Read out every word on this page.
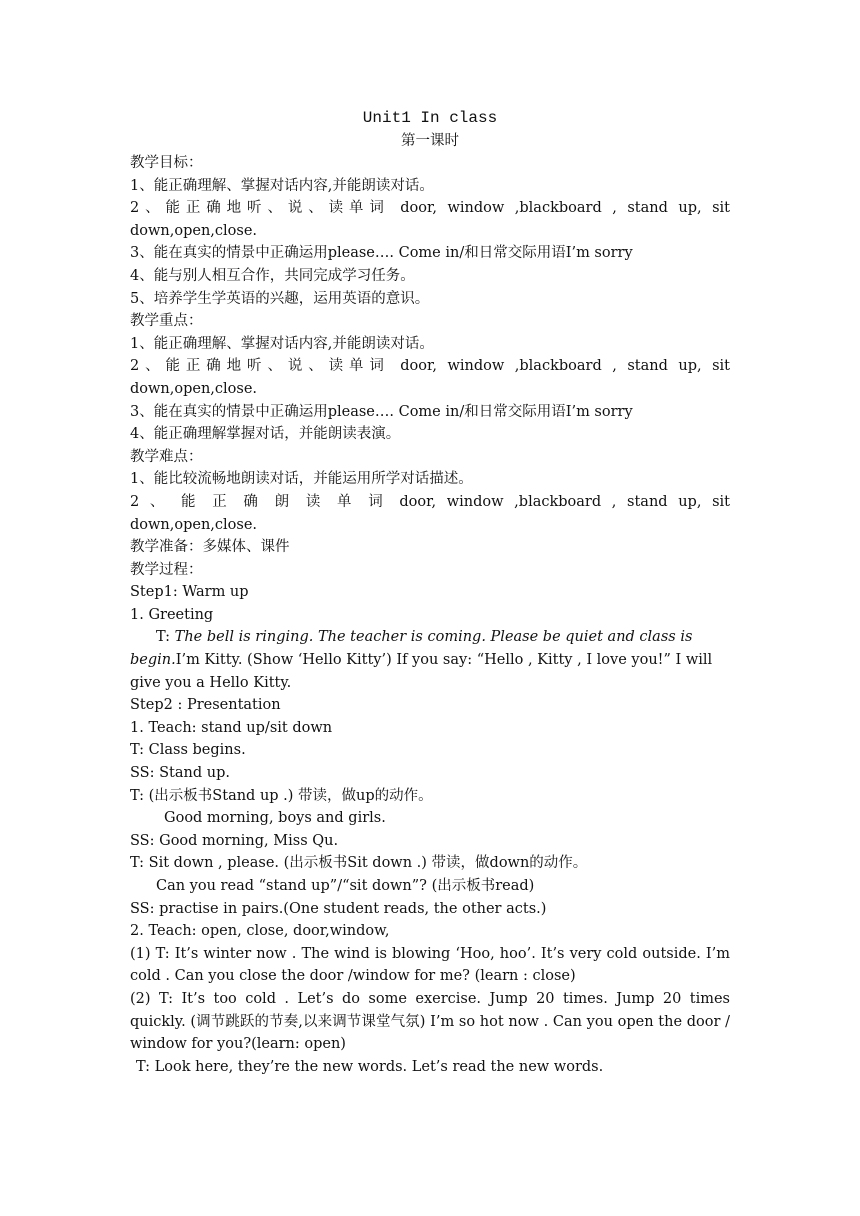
Unit1 In class
第一课时
教学目标：
1、能正确理解、掌握对话内容,并能朗读对话。
2、能正确地听、说、读单词 door, window ,blackboard , stand up, sit
down,open,close.
3、能在真实的情景中正确运用please…. Come in/和日常交际用语I’m sorry
4、能与别人相互合作，共同完成学习任务。
5、培养学生学英语的兴趣，运用英语的意识。
教学重点：
1、能正确理解、掌握对话内容,并能朗读对话。
2、能正确地听、说、读单词 door, window ,blackboard , stand up, sit
down,open,close.
3、能在真实的情景中正确运用please…. Come in/和日常交际用语I’m sorry
4、能正确理解掌握对话，并能朗读表演。
教学难点：
1、能比较流畅地朗读对话，并能运用所学对话描述。
2 、 能 正 确 朗 读 单 词 door, window ,blackboard , stand up, sit
down,open,close.
教学准备：多媒体、课件
教学过程：
Step1: Warm up
1. Greeting
T: The bell is ringing. The teacher is coming. Please be quiet and class is begin.I’m Kitty. (Show ‘Hello Kitty’) If you say: “Hello , Kitty , I love you!” I will give you a Hello Kitty.
Step2 : Presentation
1. Teach: stand up/sit down
T: Class begins.
SS: Stand up.
T: (出示板书Stand up .) 带读，做up的动作。
Good morning, boys and girls.
SS: Good morning, Miss Qu.
T: Sit down , please. (出示板书Sit down .) 带读，做down的动作。
Can you read “stand up”/“sit down”? (出示板书read)
SS: practise in pairs.(One student reads, the other acts.)
2. Teach: open, close, door,window,
(1) T: It’s winter now . The wind is blowing ‘Hoo, hoo’. It’s very cold outside. I’m cold . Can you close the door /window for me? (learn : close)
(2) T: It’s too cold . Let’s do some exercise. Jump 20 times. Jump 20 times quickly. (调节跳跃的节奏,以来调节课堂气氛) I’m so hot now . Can you open the door / window for you?(learn: open)
T: Look here, they’re the new words. Let’s read the new words.
